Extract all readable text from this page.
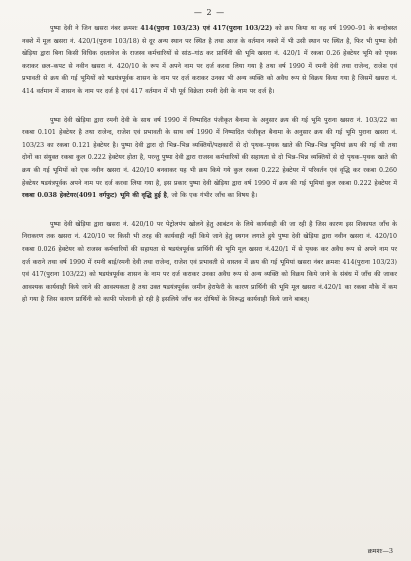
— 2 —

पुष्पा देवी ने जिन खसरा नंबर क्रमशः 414(पुराना 103/23) एवं 417(पुराना 103/22) को क्रय किया था वह वर्ष 1990–91 के बन्दोबस्त नक्शे में मूल खसरा नं. 420/1(पुराना 103/18) से दूर अन्य स्थान पर स्थित है तथा आज के वर्तमान नक्शे में भी उसी स्थान पर स्थित है, फिर भी पुष्पा देवी खेड़िया द्वारा बिना किसी विधिक दस्तावेज के राजस्व कर्मचारियों से सांठ–गांठ कर प्रार्थिनी की भूमि खसरा नं. 420/1 में रकबा 0.26 हेक्टेयर भूमि को पृथक कराकर छल–कपट से नवीन खसरा नं. 420/10 के रूप में अपने नाम पर दर्ज करवा लिया गया है तथा वर्ष 1990 में रमनी देवी तथा राजेन्द, राजेश एवं प्रभावती से क्रय की गई भूमियों को षडयंत्रपूर्वक शासन के नाम पर दर्ज कराकर उनका भी अन्य व्यक्ति को अवैध रूप से विक्रय किया गया है जिसमें खसरा नं. 414 वर्तमान में शासन के नाम पर दर्ज है एवं 417 वर्तमान में भी पूर्व विक्रेता रमनी देवी के नाम पर दर्ज है।

पुष्पा देवी खेड़िया द्वारा रमनी देवी के साथ वर्ष 1990 में निष्पादित पंजीकृत बैनामा के अनुसार क्रय की गई भूमि पुराना खसरा नं. 103/22 का रकबा 0.101 हेक्टेयर है तथा राजेन्द, राजेश एवं प्रभावती के साथ वर्ष 1990 में निष्पादित पंजीकृत बैनामा के अनुसार क्रय की गई भूमि पुराना खसरा नं. 103/23 का रकबा 0.121 हेक्टेयर है। पुष्पा देवी द्वारा दो भिन्न–भिन्न व्यक्तियों/पक्षकारों से दो पृथक–पृथक खाते की भिन्न–भिन्न भूमियां क्रय की गई थी तथा दोनों का संयुक्त रकबा कुल 0.222 हेक्टेयर होता है, परन्तु पुष्पा देवी द्वारा राजस्व कर्मचारियों की सहायता से दो भिन्न–भिन्न व्यक्तियों से दो पृथक–पृथक खाते की क्रय की गई भूमियों को एक नवीन खसरा नं. 420/10 बनवाकर यह भी क्रय किये गये कुल रकबा 0.222 हेक्टेयर में परिवर्तन एवं वृद्धि कर रकबा 0.260 हेक्टेयर षडयंत्रपूर्वक अपने नाम पर दर्ज करवा लिया गया है, इस प्रकार पुष्पा देवी खेड़िया द्वारा वर्ष 1990 में क्रय की गई भूमियां कुल रकबा 0.222 हेक्टेयर में रकबा 0.038 हेक्टेयर(4091 वर्गफुट) भूमि की वृद्धि हुई है, जो कि एक गंभीर जाँच का विषय है।

पुष्पा देवी खेड़िया द्वारा खसरा नं. 420/10 पर पेट्रोलपंप खोलने हेतु आबंटन के लिये कार्यवाही की जा रही है जिस कारण इस शिकायत जाँच के निराकरण तक खसरा नं. 420/10 पर किसी भी तरह की कार्यवाही नहीं किये जाने हेतु स्थगन लगाते हुये पुष्पा देवी खेड़िया द्वारा नवीन खसरा नं. 420/10 रकबा 0.026 हेक्टेयर को राजस्व कर्मचारियों की सहायता से षडयंत्रपूर्वक प्रार्थिनी की भूमि मूल खसरा नं.420/1 में से पृथक कर अवैध रूप से अपने नाम पर दर्ज कराने तथा वर्ष 1990 में रमनी बाई/रमनी देवी तथा राजेन्द, राजेश एवं प्रभावती से वास्तव में क्रय की गई भूमियां खसरा नंबर क्रमशः 414(पुराना 103/23) एवं 417(पुराना 103/22) को षडयंत्रपूर्वक शासन के नाम पर दर्ज कराकर उनका अवैध रूप से अन्य व्यक्ति को विक्रय किये जाने के संबंध में जाँच की जाकर आवश्यक कार्यवाही किये जाने की आवश्यकता है तथा उक्त षडयंत्रपूर्वक जमीन हेराफेरी के कारण प्रार्थिनी की भूमि मूल खसरा नं.420/1 का रकबा मौके में कम हो गया है जिस कारण प्रार्थिनी को काफी परेशानी हो रही है इसलिये जाँच कर दोषियों के विरूद्ध कार्यवाही किये जाने बाबत्।

क्रमशः—3
